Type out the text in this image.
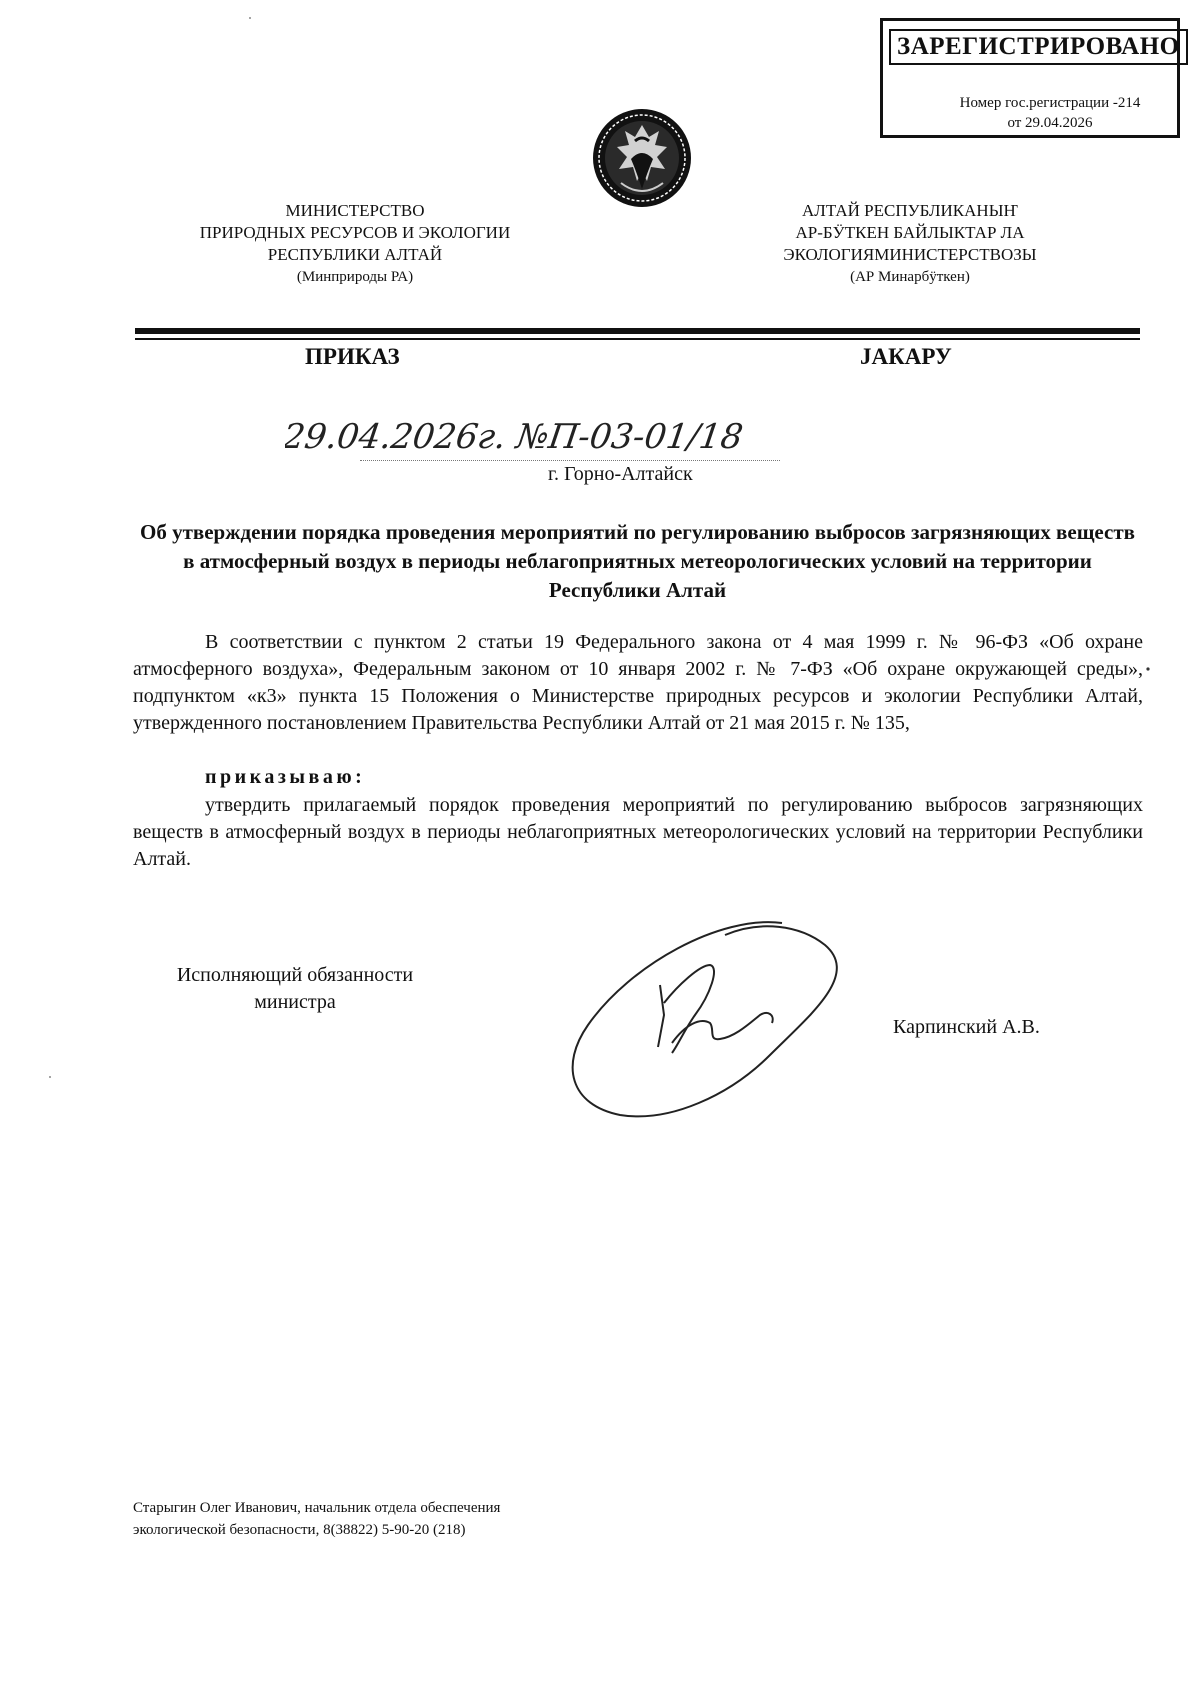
ЗАРЕГИСТРИРОВАНО
Номер гос.регистрации -214
от 29.04.2026
МИНИСТЕРСТВО
ПРИРОДНЫХ РЕСУРСОВ И ЭКОЛОГИИ
РЕСПУБЛИКИ АЛТАЙ
(Минприроды РА)
АЛТАЙ РЕСПУБЛИКАНЫҤ
АР-БӰТКЕН БАЙЛЫКТАР ЛА
ЭКОЛОГИЯМИНИСТЕРСТВОЗЫ
(АР Минарбӱткен)
ПРИКАЗ	ЈАКАРУ
29.04.2026г. №П-03-01/18
г. Горно-Алтайск
Об утверждении порядка проведения мероприятий по регулированию выбросов загрязняющих веществ в атмосферный воздух в периоды неблагоприятных метеорологических условий на территории Республики Алтай
В соответствии с пунктом 2 статьи 19 Федерального закона от 4 мая 1999 г. № 96-ФЗ «Об охране атмосферного воздуха», Федеральным законом от 10 января 2002 г. № 7-ФЗ «Об охране окружающей среды», подпунктом «к3» пункта 15 Положения о Министерстве природных ресурсов и экологии Республики Алтай, утвержденного постановлением Правительства Республики Алтай от 21 мая 2015 г. № 135,
приказываю:
утвердить прилагаемый порядок проведения мероприятий по регулированию выбросов загрязняющих веществ в атмосферный воздух в периоды неблагоприятных метеорологических условий на территории Республики Алтай.
Исполняющий обязанности
министра
Карпинский А.В.
Старыгин Олег Иванович, начальник отдела обеспечения
экологической безопасности, 8(38822) 5-90-20 (218)
